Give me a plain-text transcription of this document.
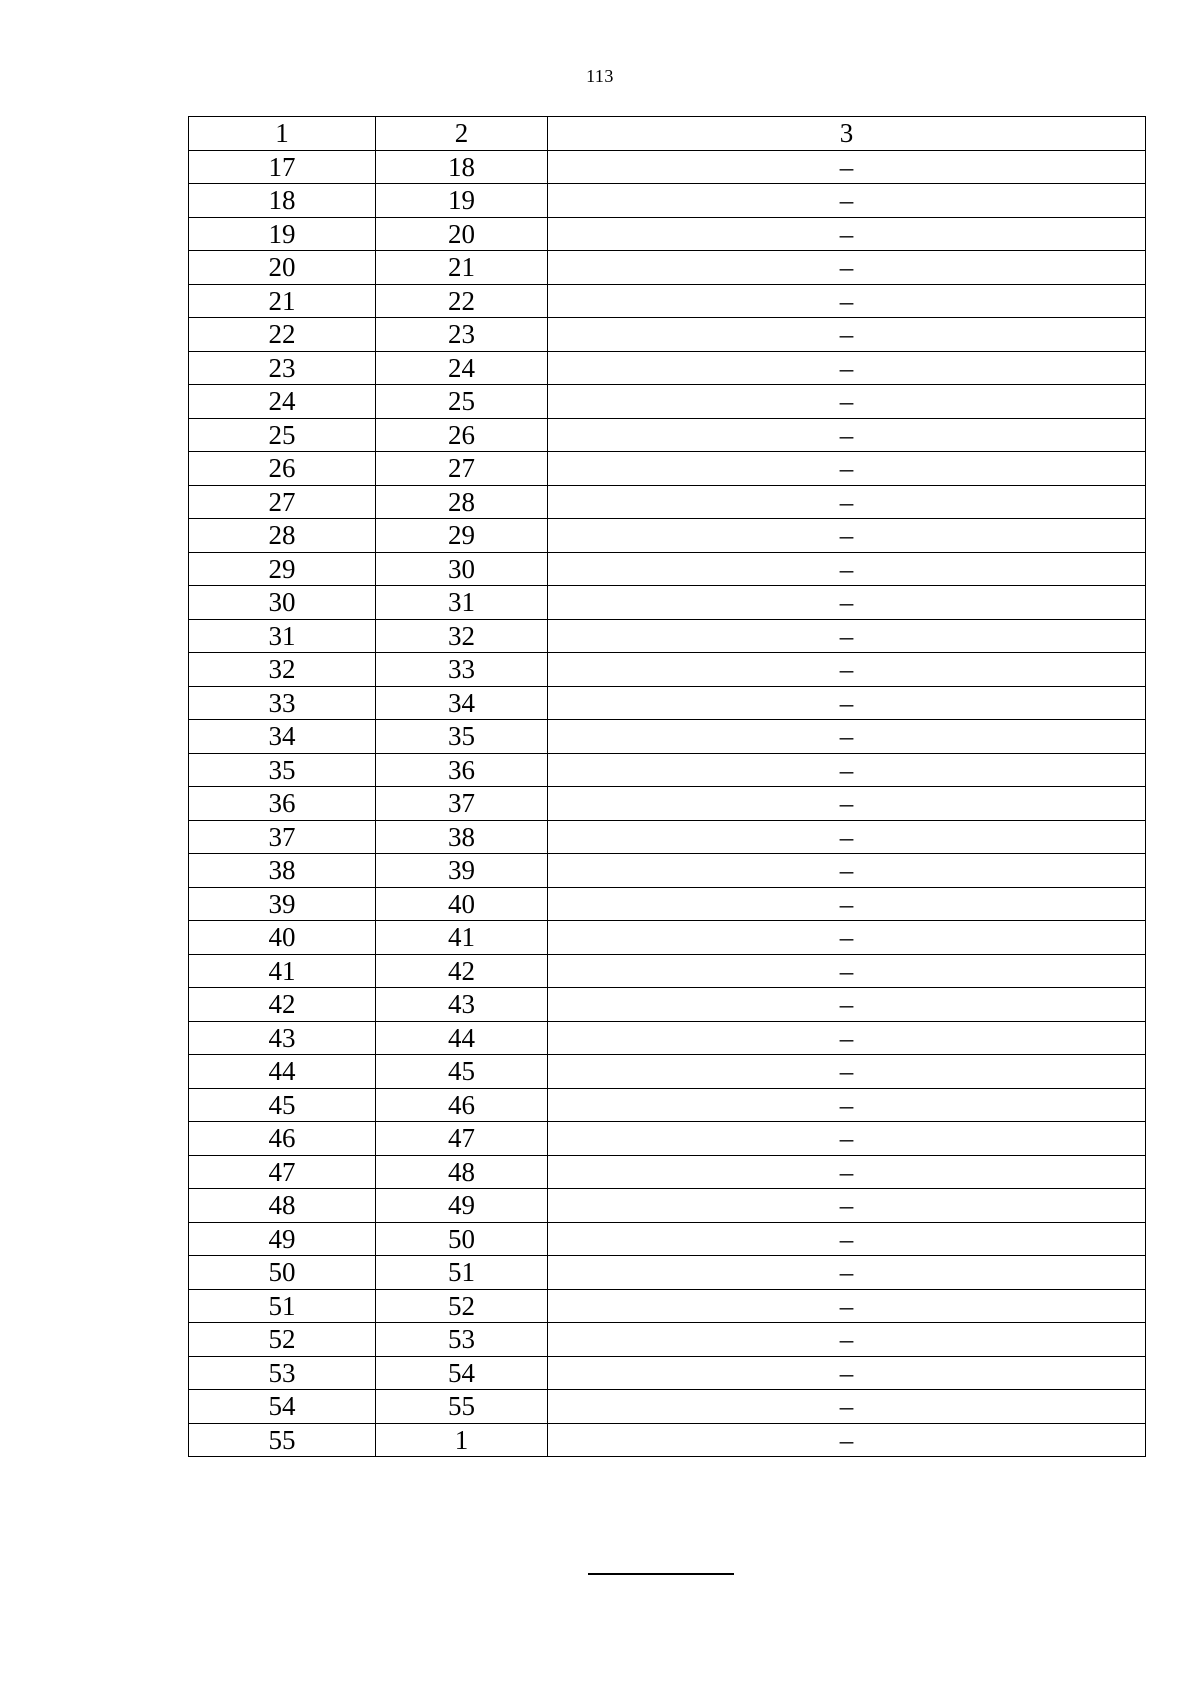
113
1	2	3
17	18	–
18	19	–
19	20	–
20	21	–
21	22	–
22	23	–
23	24	–
24	25	–
25	26	–
26	27	–
27	28	–
28	29	–
29	30	–
30	31	–
31	32	–
32	33	–
33	34	–
34	35	–
35	36	–
36	37	–
37	38	–
38	39	–
39	40	–
40	41	–
41	42	–
42	43	–
43	44	–
44	45	–
45	46	–
46	47	–
47	48	–
48	49	–
49	50	–
50	51	–
51	52	–
52	53	–
53	54	–
54	55	–
55	1	–
